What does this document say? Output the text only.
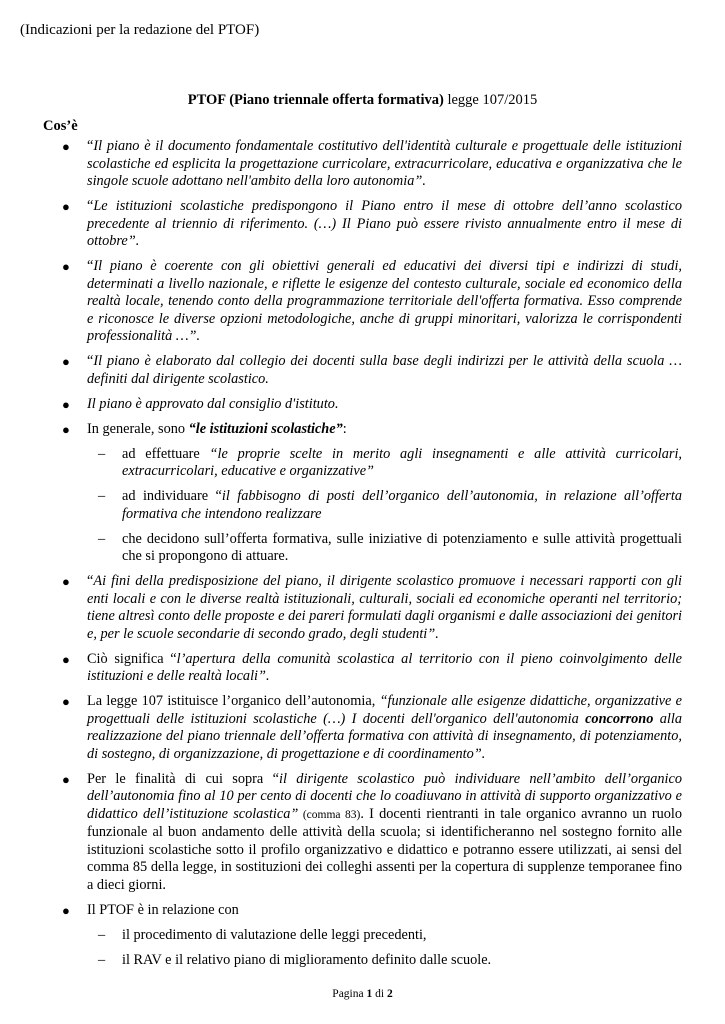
(Indicazioni per la redazione del PTOF)
PTOF (Piano triennale offerta formativa) legge 107/2015
Cos’è
● “Il piano è il documento fondamentale costitutivo dell'identità culturale e progettuale delle istituzioni scolastiche ed esplicita la progettazione curricolare, extracurricolare, educativa e organizzativa che le singole scuole adottano nell'ambito della loro autonomia”.
● “Le istituzioni scolastiche predispongono il Piano entro il mese di ottobre dell’anno scolastico precedente al triennio di riferimento. (…) Il Piano può essere rivisto annualmente entro il mese di ottobre”.
● “Il piano è coerente con gli obiettivi generali ed educativi dei diversi tipi e indirizzi di studi, determinati a livello nazionale, e riflette le esigenze del contesto culturale, sociale ed economico della realtà locale, tenendo conto della programmazione territoriale dell'offerta formativa. Esso comprende e riconosce le diverse opzioni metodologiche, anche di gruppi minoritari, valorizza le corrispondenti professionalità …”.
● “Il piano è elaborato dal collegio dei docenti sulla base degli indirizzi per le attività della scuola … definiti dal dirigente scolastico.
● Il piano è approvato dal consiglio d'istituto.
● In generale, sono “le istituzioni scolastiche”:
– ad effettuare “le proprie scelte in merito agli insegnamenti e alle attività curricolari, extracurricolari, educative e organizzative”
– ad individuare “il fabbisogno di posti dell’organico dell’autonomia, in relazione all’offerta formativa che intendono realizzare
– che decidono sull’offerta formativa, sulle iniziative di potenziamento e sulle attività progettuali che si propongono di attuare.
● “Ai fini della predisposizione del piano, il dirigente scolastico promuove i necessari rapporti con gli enti locali e con le diverse realtà istituzionali, culturali, sociali ed economiche operanti nel territorio; tiene altresì conto delle proposte e dei pareri formulati dagli organismi e dalle associazioni dei genitori e, per le scuole secondarie di secondo grado, degli studenti”.
● Ciò significa “l’apertura della comunità scolastica al territorio con il pieno coinvolgimento delle istituzioni e delle realtà locali”.
● La legge 107 istituisce l’organico dell’autonomia, “funzionale alle esigenze didattiche, organizzative e progettuali delle istituzioni scolastiche (…) I docenti dell'organico dell'autonomia concorrono alla realizzazione del piano triennale dell’offerta formativa con attività di insegnamento, di potenziamento, di sostegno, di organizzazione, di progettazione e di coordinamento”.
● Per le finalità di cui sopra “il dirigente scolastico può individuare nell’ambito dell’organico dell’autonomia fino al 10 per cento di docenti che lo coadiuvano in attività di supporto organizzativo e didattico dell’istituzione scolastica” (comma 83). I docenti rientranti in tale organico avranno un ruolo funzionale al buon andamento delle attività della scuola; si identificheranno nel sostegno fornito alle istituzioni scolastiche sotto il profilo organizzativo e didattico e potranno essere utilizzati, ai sensi del comma 85 della legge, in sostituzioni dei colleghi assenti per la copertura di supplenze temporanee fino a dieci giorni.
● Il PTOF è in relazione con
– il procedimento di valutazione delle leggi precedenti,
– il RAV e il relativo piano di miglioramento definito dalle scuole.
Pagina 1 di 2
